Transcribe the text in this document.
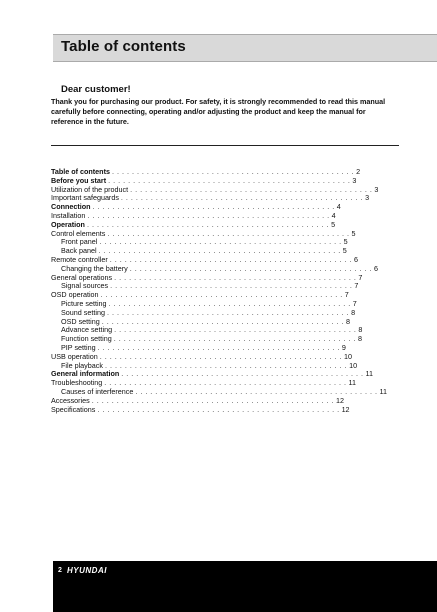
Table of contents
Dear customer!
Thank you for purchasing our product. For safety, it is strongly recommended to read this manual carefully before connecting, operating and/or adjusting the product and keep the manual for reference in the future.
Table of contents . . . . . . . . . . . . . . . . . . . . . . . . . . . . . . . . . . . . . . . . . . . . . . . . . 2
Before you start . . . . . . . . . . . . . . . . . . . . . . . . . . . . . . . . . . . . . . . . . . . . . . . . . 3
Utilization of the product . . . . . . . . . . . . . . . . . . . . . . . . . . . . . . . . . . . . . . . . . . . . . . . . . 3
Important safeguards . . . . . . . . . . . . . . . . . . . . . . . . . . . . . . . . . . . . . . . . . . . . . . . . . 3
Connection . . . . . . . . . . . . . . . . . . . . . . . . . . . . . . . . . . . . . . . . . . . . . . . . . 4
Installation . . . . . . . . . . . . . . . . . . . . . . . . . . . . . . . . . . . . . . . . . . . . . . . . . 4
Operation . . . . . . . . . . . . . . . . . . . . . . . . . . . . . . . . . . . . . . . . . . . . . . . . . 5
Control elements . . . . . . . . . . . . . . . . . . . . . . . . . . . . . . . . . . . . . . . . . . . . . . . . . 5
Front panel . . . . . . . . . . . . . . . . . . . . . . . . . . . . . . . . . . . . . . . . . . . . . . . . . 5
Back panel . . . . . . . . . . . . . . . . . . . . . . . . . . . . . . . . . . . . . . . . . . . . . . . . . 5
Remote controller . . . . . . . . . . . . . . . . . . . . . . . . . . . . . . . . . . . . . . . . . . . . . . . . . 6
Changing the battery . . . . . . . . . . . . . . . . . . . . . . . . . . . . . . . . . . . . . . . . . . . . . . . . . 6
General operations . . . . . . . . . . . . . . . . . . . . . . . . . . . . . . . . . . . . . . . . . . . . . . . . . 7
Signal sources . . . . . . . . . . . . . . . . . . . . . . . . . . . . . . . . . . . . . . . . . . . . . . . . . 7
OSD operation . . . . . . . . . . . . . . . . . . . . . . . . . . . . . . . . . . . . . . . . . . . . . . . . . 7
Picture setting . . . . . . . . . . . . . . . . . . . . . . . . . . . . . . . . . . . . . . . . . . . . . . . . . 7
Sound setting . . . . . . . . . . . . . . . . . . . . . . . . . . . . . . . . . . . . . . . . . . . . . . . . . 8
OSD setting . . . . . . . . . . . . . . . . . . . . . . . . . . . . . . . . . . . . . . . . . . . . . . . . . 8
Advance setting . . . . . . . . . . . . . . . . . . . . . . . . . . . . . . . . . . . . . . . . . . . . . . . . . 8
Function setting . . . . . . . . . . . . . . . . . . . . . . . . . . . . . . . . . . . . . . . . . . . . . . . . . 8
PIP setting . . . . . . . . . . . . . . . . . . . . . . . . . . . . . . . . . . . . . . . . . . . . . . . . . 9
USB operation . . . . . . . . . . . . . . . . . . . . . . . . . . . . . . . . . . . . . . . . . . . . . . . . . 10
File playback . . . . . . . . . . . . . . . . . . . . . . . . . . . . . . . . . . . . . . . . . . . . . . . . . 10
General information . . . . . . . . . . . . . . . . . . . . . . . . . . . . . . . . . . . . . . . . . . . . . . . . . 11
Troubleshooting . . . . . . . . . . . . . . . . . . . . . . . . . . . . . . . . . . . . . . . . . . . . . . . . . 11
Causes of interference . . . . . . . . . . . . . . . . . . . . . . . . . . . . . . . . . . . . . . . . . . . . . . . . . 11
Accessories . . . . . . . . . . . . . . . . . . . . . . . . . . . . . . . . . . . . . . . . . . . . . . . . . 12
Specifications . . . . . . . . . . . . . . . . . . . . . . . . . . . . . . . . . . . . . . . . . . . . . . . . . 12
2 HYUNDAI
